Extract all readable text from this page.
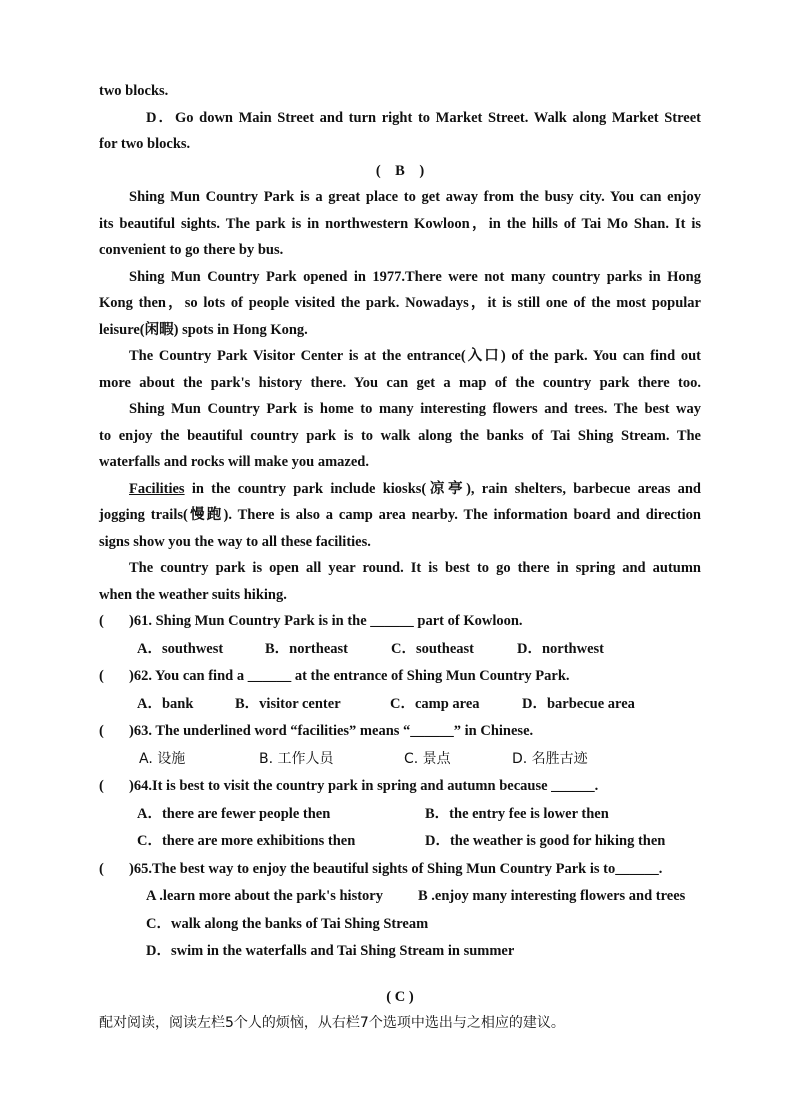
two blocks.
D．Go down Main Street and turn right to Market Street. Walk along Market Street
for two blocks.
(    B    )
Shing Mun Country Park is a great place to get away from the busy city. You can enjoy
its beautiful sights. The park is in northwestern Kowloon，in the hills of Tai Mo Shan. It is
convenient to go there by bus.
Shing Mun Country Park opened in 1977.There were not many country parks in Hong
Kong then，so lots of people visited the park. Nowadays，it is still one of the most popular
leisure(闲暇) spots in Hong Kong.
The Country Park Visitor Center is at the entrance(入口) of the park. You can find out
more about the park's history there. You can get a map of the country park there too.
Shing Mun Country Park is home to many interesting flowers and trees. The best way
to enjoy the beautiful country park is to walk along the banks of Tai Shing Stream. The
waterfalls and rocks will make you amazed.
Facilities in the country park include kiosks(凉亭), rain shelters, barbecue areas and
jogging trails(慢跑). There is also a camp area nearby. The information board and direction
signs show you the way to all these facilities.
The country park is open all year round. It is best to go there in spring and autumn
when the weather suits hiking.
(	)61. Shing Mun Country Park is in the ______ part of Kowloon.
A．southwest	B．northeast	C．southeast	D．northwest
(	)62. You can find a ______ at the entrance of Shing Mun Country Park.
A．bank	B．visitor center	C．camp area	D．barbecue area
(	)63. The underlined word “facilities” means “______” in Chinese.
A. 设施	B. 工作人员	C. 景点	D. 名胜古迹
(	)64.It is best to visit the country park in spring and autumn because ______.
A．there are fewer people then	B．the entry fee is lower then
C．there are more exhibitions then	D．the weather is good for hiking then
(	)65.The best way to enjoy the beautiful sights of Shing Mun Country Park is to______.
A .learn more about the park's history	B .enjoy many interesting flowers and trees
C．walk along the banks of Tai Shing Stream
D．swim in the waterfalls and Tai Shing Stream in summer
( C )
配对阅读，阅读左栏5个人的烦恼，从右栏7个选项中选出与之相应的建议。
